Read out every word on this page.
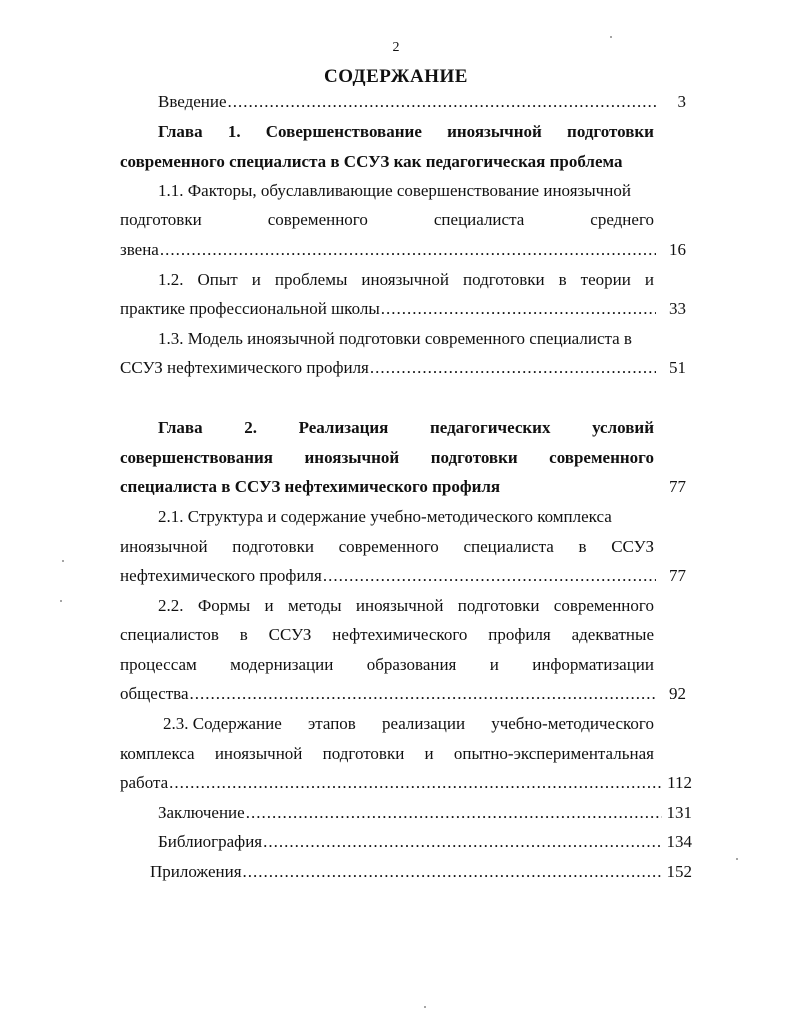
2
СОДЕРЖАНИЕ
Введение .....	3
Глава 1. Совершенствование иноязычной подготовки
современного специалиста в ССУЗ как педагогическая проблема
1.1. Факторы, обуславливающие совершенствование иноязычной
подготовки	современного	специалиста	среднего
звена .....	16
1.2. Опыт и проблемы иноязычной подготовки в теории и
практике профессиональной школы .....	33
1.3. Модель иноязычной подготовки современного специалиста в
ССУЗ нефтехимического профиля .....	51
Глава 2. Реализация педагогических условий
совершенствования иноязычной подготовки современного
специалиста в ССУЗ нефтехимического профиля	77
2.1. Структура и содержание учебно-методического комплекса
иноязычной подготовки современного специалиста в ССУЗ
нефтехимического профиля .....	77
2.2. Формы и методы иноязычной подготовки современного
специалистов в ССУЗ нефтехимического профиля адекватные
процессам модернизации образования и информатизации
общества .....	92
2.3. Содержание этапов реализации учебно-методического
комплекса иноязычной подготовки и опытно-экспериментальная
работа .....	112
Заключение .....	131
Библиография .....	134
Приложения .....	152
